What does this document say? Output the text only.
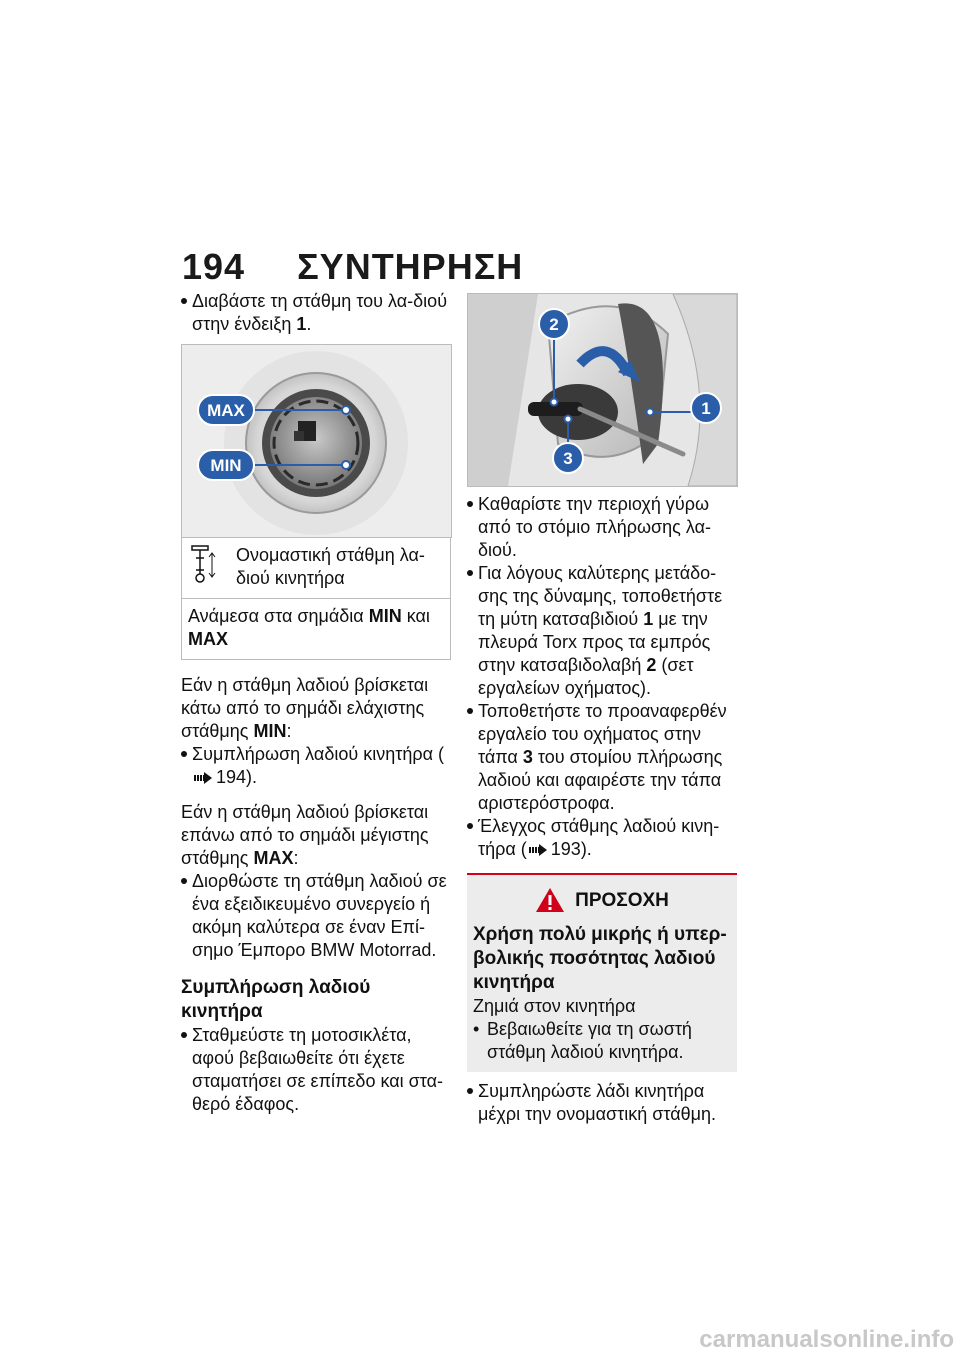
194 ΣΥΝΤΗΡΗΣΗ
Διαβάστε τη στάθμη του λα-διού στην ένδειξη 1.
MAX
MIN
Ονομαστική στάθμη λα-διού κινητήρα
Ανάμεσα στα σημάδια MIN και MAX

Εάν η στάθμη λαδιού βρίσκεται κάτω από το σημάδι ελάχιστης στάθμης MIN:

Συμπλήρωση λαδιού κινητήρα (194).

Εάν η στάθμη λαδιού βρίσκεται επάνω από το σημάδι μέγιστης στάθμης MAX:

Διορθώστε τη στάθμη λαδιού σε ένα εξειδικευμένο συνεργείο ή ακόμη καλύτερα σε έναν Επί-σημο Έμπορο BMW Motorrad.

Συμπλήρωση λαδιού κινητήρα

Σταθμεύστε τη μοτοσικλέτα, αφού βεβαιωθείτε ότι έχετε σταματήσει σε επίπεδο και στα-θερό έδαφος.
2
1
3
Καθαρίστε την περιοχή γύρω από το στόμιο πλήρωσης λα-διού.
Για λόγους καλύτερης μετάδο-σης της δύναμης, τοποθετήστε τη μύτη κατσαβιδιού 1 με την πλευρά Torx προς τα εμπρός στην κατσαβιδολαβή 2 (σετ εργαλείων οχήματος).
Τοποθετήστε το προαναφερθέν εργαλείο του οχήματος στην τάπα 3 του στομίου πλήρωσης λαδιού και αφαιρέστε την τάπα αριστερόστροφα.
Έλεγχος στάθμης λαδιού κινη-τήρα ( 193).
ΠΡΟΣΟΧΗ
Χρήση πολύ μικρής ή υπερ-βολικής ποσότητας λαδιού κινητήρα
Ζημιά στον κινητήρα
•
Βεβαιωθείτε για τη σωστή στάθμη λαδιού κινητήρα.
Συμπληρώστε λάδι κινητήρα μέχρι την ονομαστική στάθμη.
carmanualsonline.info
